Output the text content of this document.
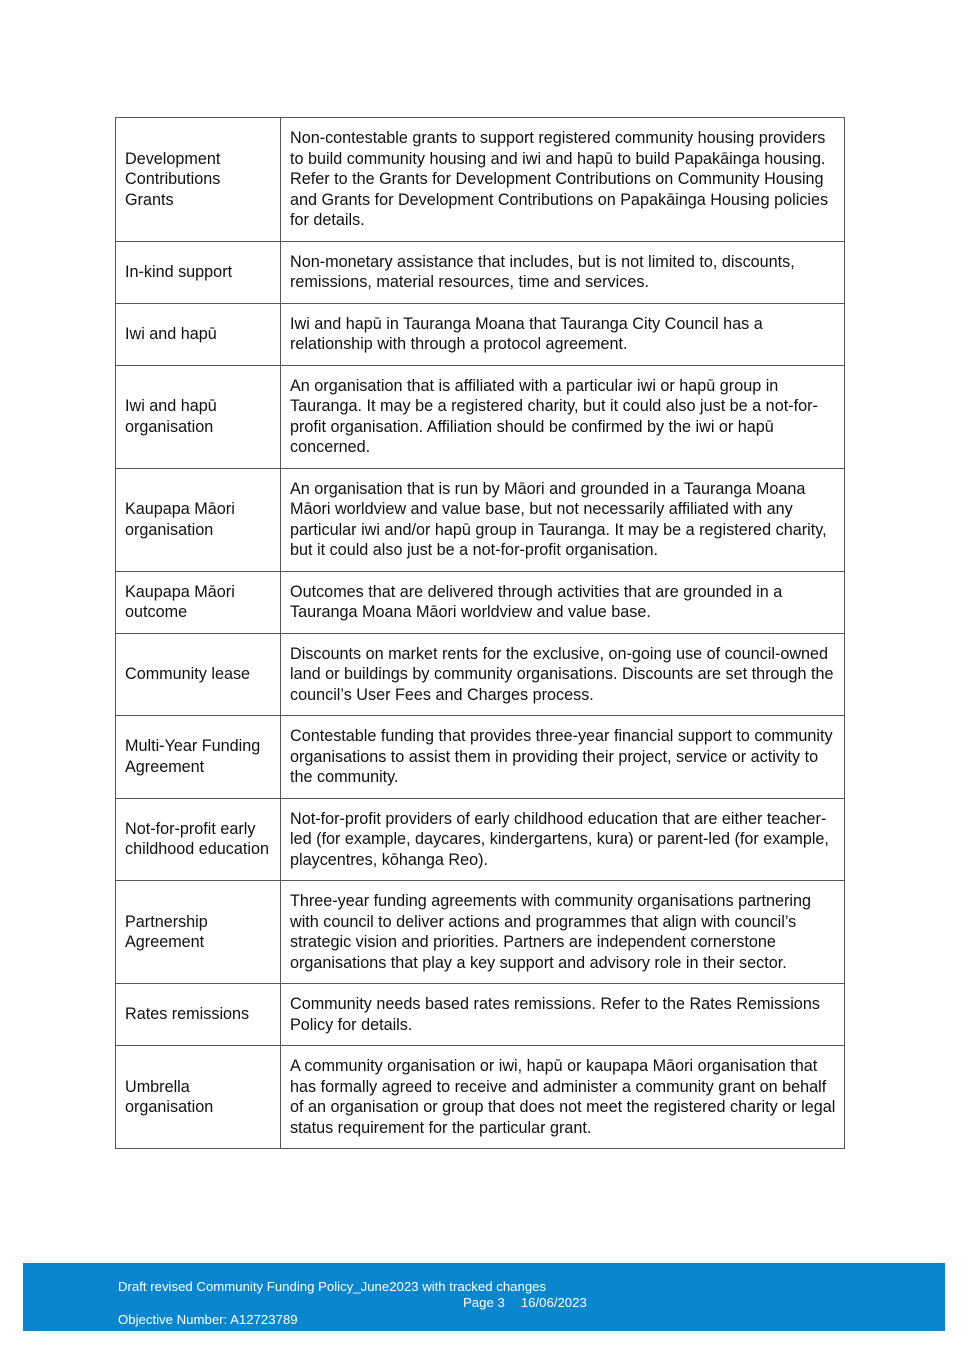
Development Contributions Grants	Non-contestable grants to support registered community housing providers to build community housing and iwi and hapū to build Papakāinga housing. Refer to the Grants for Development Contributions on Community Housing and Grants for Development Contributions on Papakāinga Housing policies for details.
In-kind support	Non-monetary assistance that includes, but is not limited to, discounts, remissions, material resources, time and services.
Iwi and hapū	Iwi and hapū in Tauranga Moana that Tauranga City Council has a relationship with through a protocol agreement.
Iwi and hapū organisation	An organisation that is affiliated with a particular iwi or hapū group in Tauranga. It may be a registered charity, but it could also just be a not-for-profit organisation. Affiliation should be confirmed by the iwi or hapū concerned.
Kaupapa Māori organisation	An organisation that is run by Māori and grounded in a Tauranga Moana Māori worldview and value base, but not necessarily affiliated with any particular iwi and/or hapū group in Tauranga. It may be a registered charity, but it could also just be a not-for-profit organisation.
Kaupapa Māori outcome	Outcomes that are delivered through activities that are grounded in a Tauranga Moana Māori worldview and value base.
Community lease	Discounts on market rents for the exclusive, on-going use of council-owned land or buildings by community organisations. Discounts are set through the council’s User Fees and Charges process.
Multi-Year Funding Agreement	Contestable funding that provides three-year financial support to community organisations to assist them in providing their project, service or activity to the community.
Not-for-profit early childhood education	Not-for-profit providers of early childhood education that are either teacher-led (for example, daycares, kindergartens, kura) or parent-led (for example, playcentres, kōhanga Reo).
Partnership Agreement	Three-year funding agreements with community organisations partnering with council to deliver actions and programmes that align with council’s strategic vision and priorities. Partners are independent cornerstone organisations that play a key support and advisory role in their sector.
Rates remissions	Community needs based rates remissions. Refer to the Rates Remissions Policy for details.
Umbrella organisation	A community organisation or iwi, hapū or kaupapa Māori organisation that has formally agreed to receive and administer a community grant on behalf of an organisation or group that does not meet the registered charity or legal status requirement for the particular grant.
Draft revised Community Funding Policy_June2023 with tracked changes
Page 3 16/06/2023
Objective Number: A12723789
